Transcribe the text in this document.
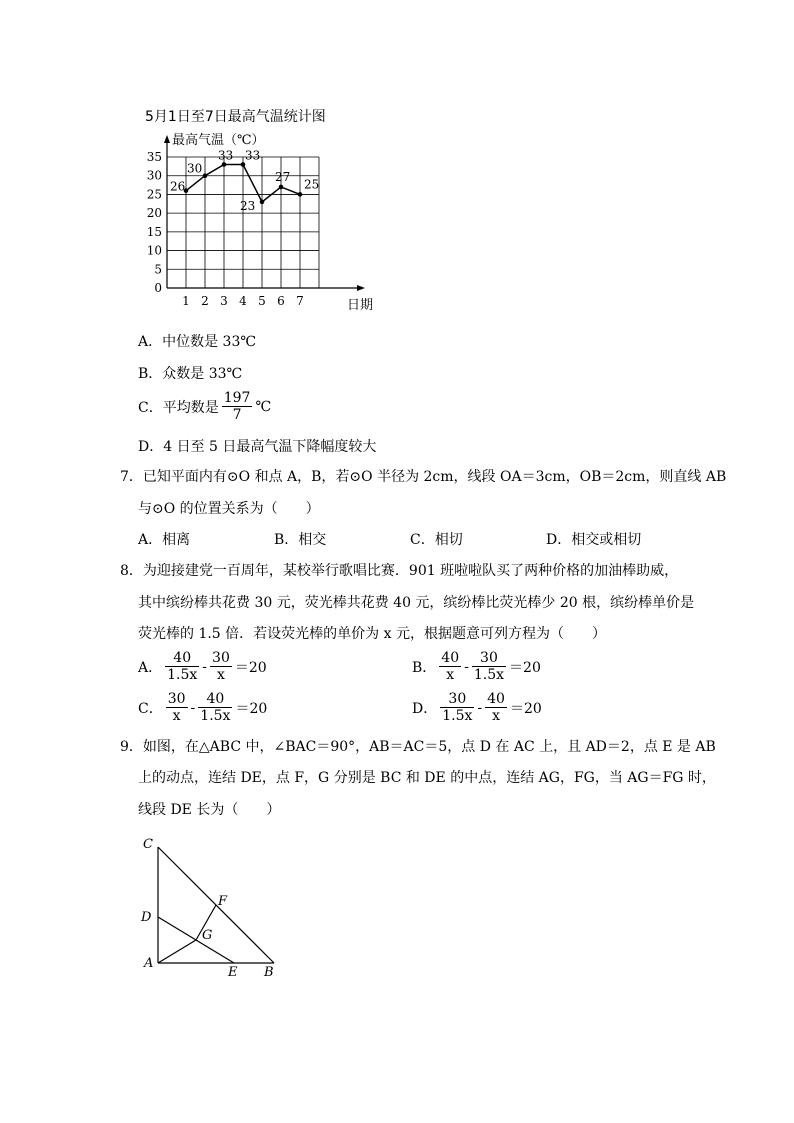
5月1日至7日最高气温统计图
0
5
10
15
20
25
30
35
1 2 3 4 5 6 7
最高气温（℃）
日期
26
30
33 33
23
27
25
A．中位数是 33℃
B．众数是 33℃
C．平均数是 $\frac{197}{7}$ ℃
D．4 日至 5 日最高气温下降幅度较大
7．已知平面内有⊙O 和点 A，B，若⊙O 半径为 2cm，线段 OA＝3cm，OB＝2cm，则直线 AB
与⊙O 的位置关系为（　　）
A．相离	B．相交	C．相切	D．相交或相切
8．为迎接建党一百周年，某校举行歌唱比赛．901 班啦啦队买了两种价格的加油棒助威，
其中缤纷棒共花费 30 元，荧光棒共花费 40 元，缤纷棒比荧光棒少 20 根，缤纷棒单价是
荧光棒的 1.5 倍．若设荧光棒的单价为 x 元，根据题意可列方程为（　　）
A． $\frac{40}{1.5x} - \frac{30}{x} =20$	B． $\frac{40}{x} - \frac{30}{1.5x} =20$
C． $\frac{30}{x} - \frac{40}{1.5x} =20$	D． $\frac{30}{1.5x} - \frac{40}{x} =20$
9．如图，在△ABC 中，∠BAC＝90°，AB＝AC＝5，点 D 在 AC 上，且 AD＝2，点 E 是 AB
上的动点，连结 DE，点 F，G 分别是 BC 和 DE 的中点，连结 AG，FG，当 AG＝FG 时，
线段 DE 长为（　　）
C
D
F
G
A
E B
